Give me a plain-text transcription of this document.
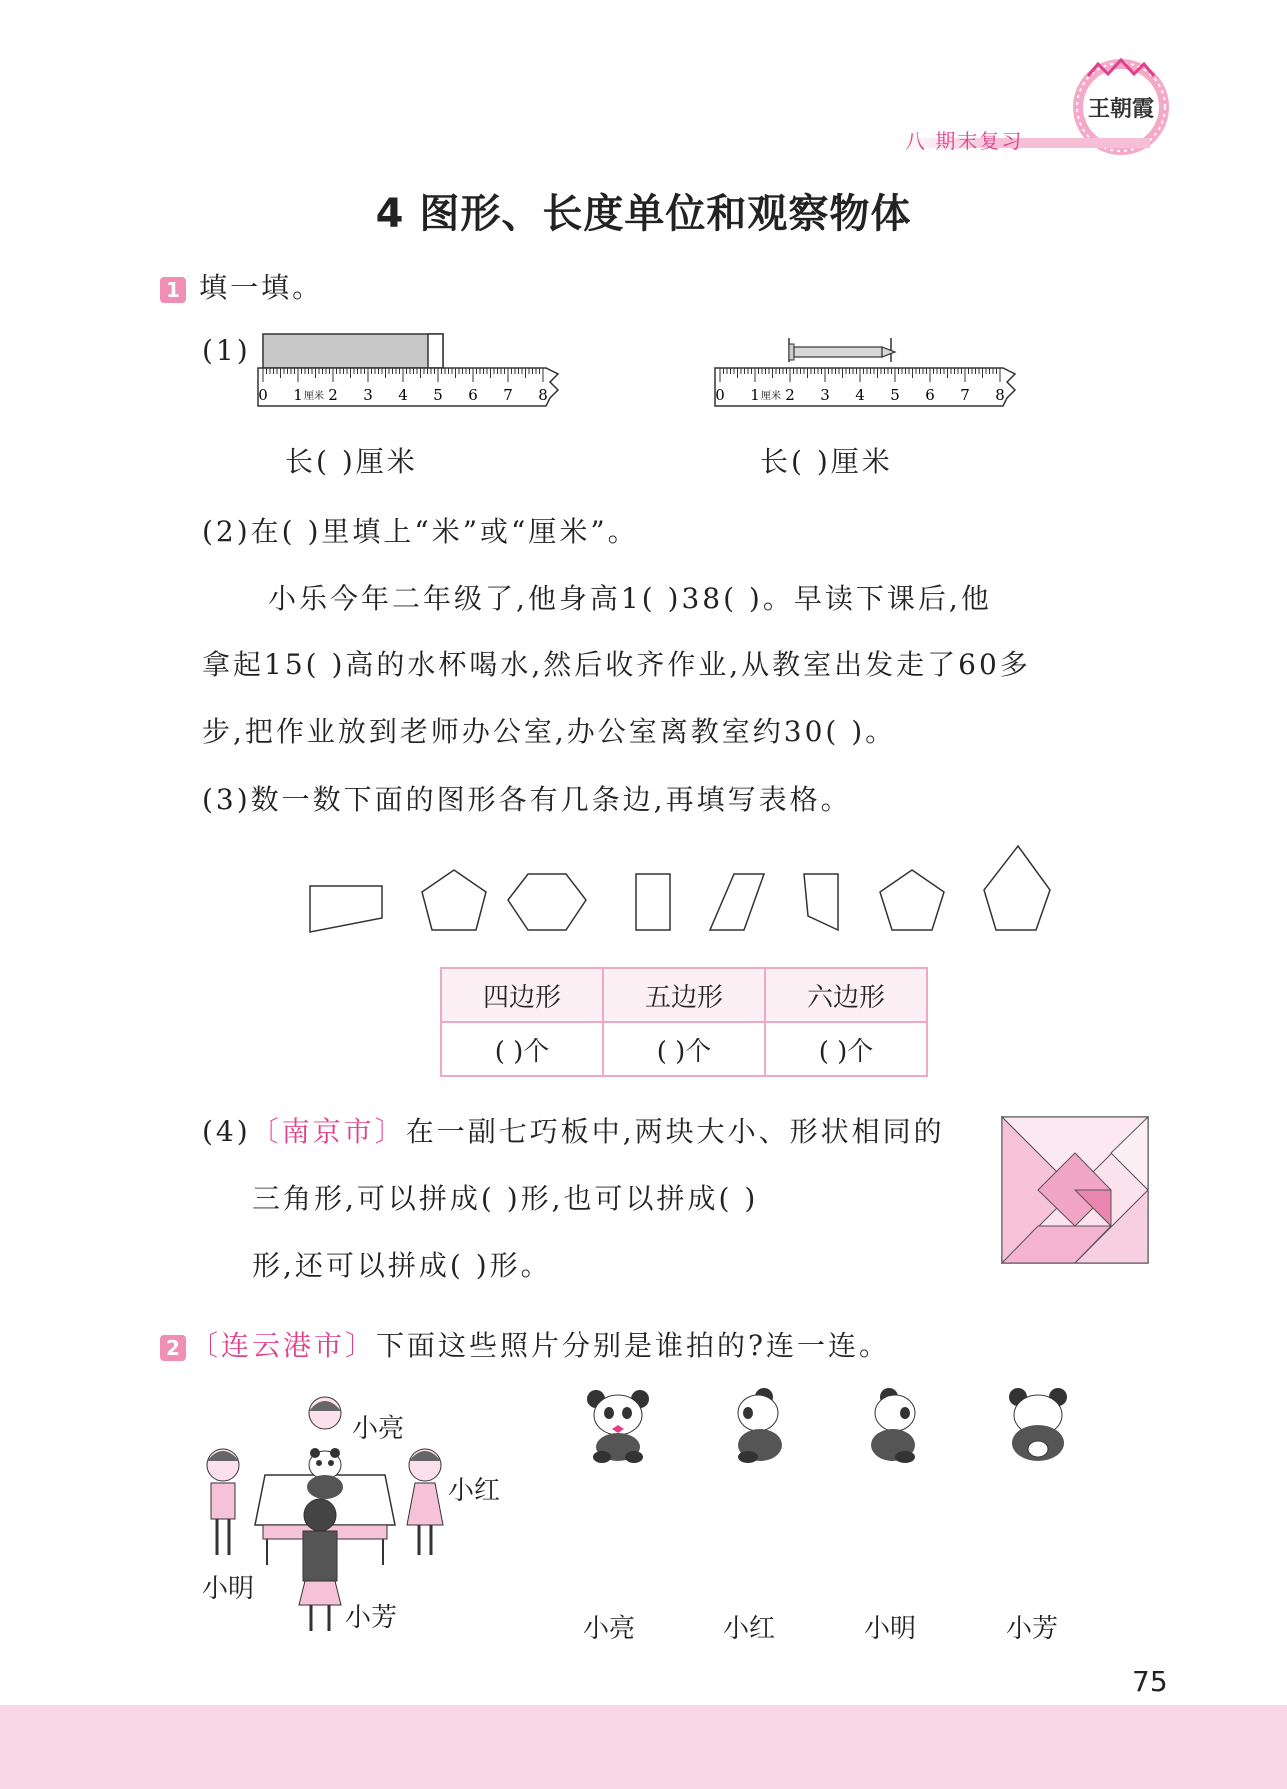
王朝霞
八 期末复习
4 图形、长度单位和观察物体
1 填一填。
(1)
0 1 2 3 4 5 6 7 8
厘米	0 1 2 3 4 5 6 7 8
厘米
长( )厘米	长( )厘米
(2)在( )里填上“米”或“厘米”。
小乐今年二年级了,他身高1( )38( )。早读下课后,他
拿起15( )高的水杯喝水,然后收齐作业,从教室出发走了60多
步,把作业放到老师办公室,办公室离教室约30( )。
(3)数一数下面的图形各有几条边,再填写表格。
四边形	五边形	六边形
( )个	( )个	( )个
(4)〔南京市〕在一副七巧板中,两块大小、形状相同的
三角形,可以拼成( )形,也可以拼成( )
形,还可以拼成( )形。
2 〔连云港市〕下面这些照片分别是谁拍的?连一连。
小亮
小红
小明
小芳	小亮	小红	小明	小芳
75
